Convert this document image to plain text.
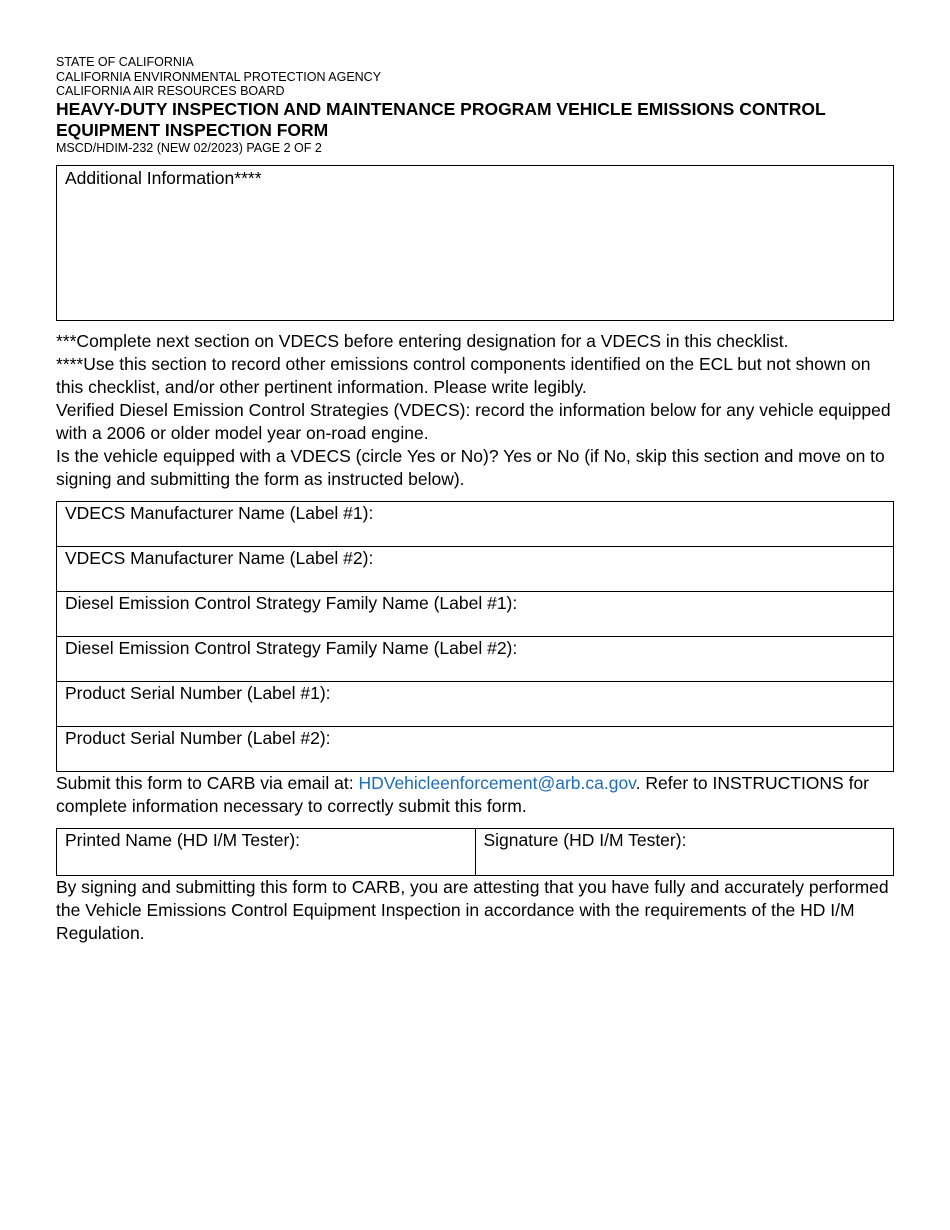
STATE OF CALIFORNIA

CALIFORNIA ENVIRONMENTAL PROTECTION AGENCY

CALIFORNIA AIR RESOURCES BOARD

HEAVY-DUTY INSPECTION AND MAINTENANCE PROGRAM VEHICLE EMISSIONS CONTROL EQUIPMENT INSPECTION FORM

MSCD/HDIM-232 (NEW 02/2023) PAGE 2 OF 2

Additional Information****

***Complete next section on VDECS before entering designation for a VDECS in this checklist.

****Use this section to record other emissions control components identified on the ECL but not shown on this checklist, and/or other pertinent information. Please write legibly.

Verified Diesel Emission Control Strategies (VDECS): record the information below for any vehicle equipped with a 2006 or older model year on-road engine.

Is the vehicle equipped with a VDECS (circle Yes or No)? Yes or No (if No, skip this section and move on to signing and submitting the form as instructed below).

VDECS Manufacturer Name (Label #1):
VDECS Manufacturer Name (Label #2):
Diesel Emission Control Strategy Family Name (Label #1):
Diesel Emission Control Strategy Family Name (Label #2):
Product Serial Number (Label #1):
Product Serial Number (Label #2):

Submit this form to CARB via email at: HDVehicleenforcement@arb.ca.gov. Refer to INSTRUCTIONS for complete information necessary to correctly submit this form.

Printed Name (HD I/M Tester):	Signature (HD I/M Tester):

By signing and submitting this form to CARB, you are attesting that you have fully and accurately performed the Vehicle Emissions Control Equipment Inspection in accordance with the requirements of the HD I/M Regulation.
